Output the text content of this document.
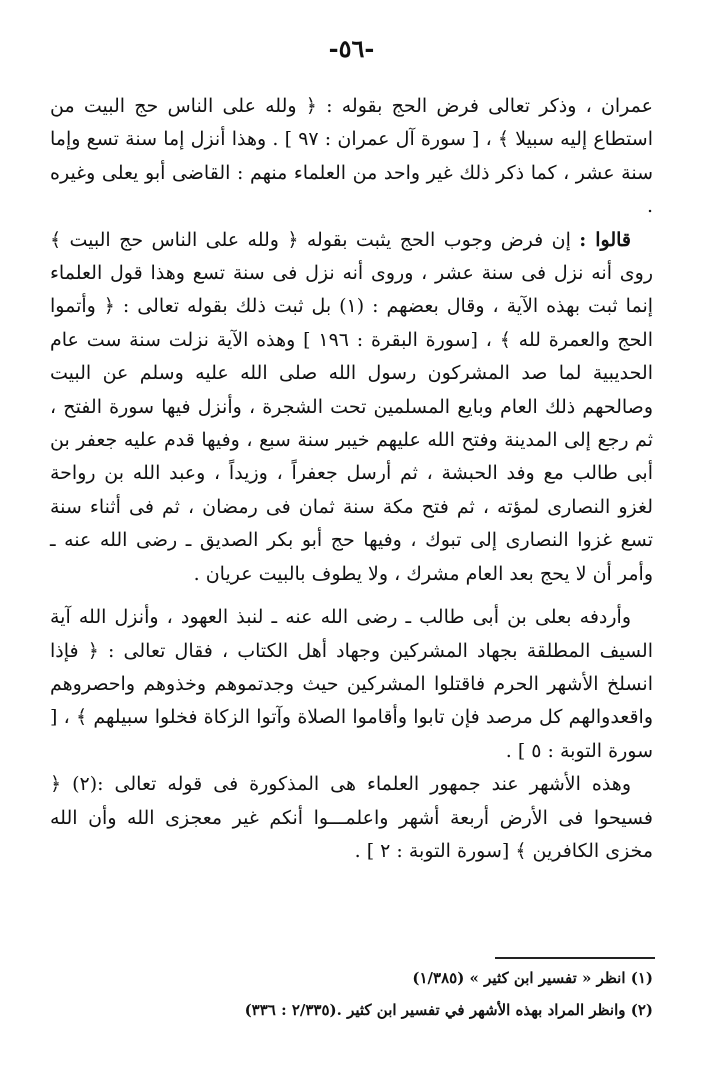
-٥٦-

عمران ، وذكر تعالى فرض الحج بقوله : ﴿ ولله على الناس حج البيت من استطاع إليه سبيلا ﴾ ، [ سورة آل عمران : ٩٧ ] . وهذا أنزل إما سنة تسع وإما سنة عشر ، كما ذكر ذلك غير واحد من العلماء منهم : القاضى أبو يعلى وغيره .

قالوا : إن فرض وجوب الحج يثبت بقوله ﴿ ولله على الناس حج البيت ﴾ روى أنه نزل فى سنة عشر ، وروى أنه نزل فى سنة تسع وهذا قول العلماء إنما ثبت بهذه الآية ، وقال بعضهم : (١) بل ثبت ذلك بقوله تعالى : ﴿ وأتموا الحج والعمرة لله ﴾ ، [سورة البقرة : ١٩٦ ] وهذه الآية نزلت سنة ست عام الحديبية لما صد المشركون رسول الله صلى الله عليه وسلم عن البيت وصالحهم ذلك العام وبايع المسلمين تحت الشجرة ، وأنزل فيها سورة الفتح ، ثم رجع إلى المدينة وفتح الله عليهم خيبر سنة سبع ، وفيها قدم عليه جعفر بن أبى طالب مع وفد الحبشة ، ثم أرسل جعفراً ، وزيداً ، وعبد الله بن رواحة لغزو النصارى لمؤته ، ثم فتح مكة سنة ثمان فى رمضان ، ثم فى أثناء سنة تسع غزوا النصارى إلى تبوك ، وفيها حج أبو بكر الصديق ـ رضى الله عنه ـ وأمر أن لا يحج بعد العام مشرك ، ولا يطوف بالبيت عريان .

وأردفه بعلى بن أبى طالب ـ رضى الله عنه ـ لنبذ العهود ، وأنزل الله آية السيف المطلقة بجهاد المشركين وجهاد أهل الكتاب ، فقال تعالى : ﴿ فإذا انسلخ الأشهر الحرم فاقتلوا المشركين حيث وجدتموهم وخذوهم واحصروهم واقعدوالهم كل مرصد فإن تابوا وأقاموا الصلاة وآتوا الزكاة فخلوا سبيلهم ﴾ ، [ سورة التوبة : ٥ ] .

وهذه الأشهر عند جمهور العلماء هى المذكورة فى قوله تعالى :(٢) ﴿ فسيحوا فى الأرض أربعة أشهر واعلمـــوا أنكم غير معجزى الله وأن الله مخزى الكافرين ﴾ [سورة التوبة : ٢ ] .

(١) انظر « تفسير ابن كثير » (١/٣٨٥)

(٢) وانظر المراد بهذه الأشهر في تفسير ابن كثير .(٢/٣٣٥ : ٣٣٦)
